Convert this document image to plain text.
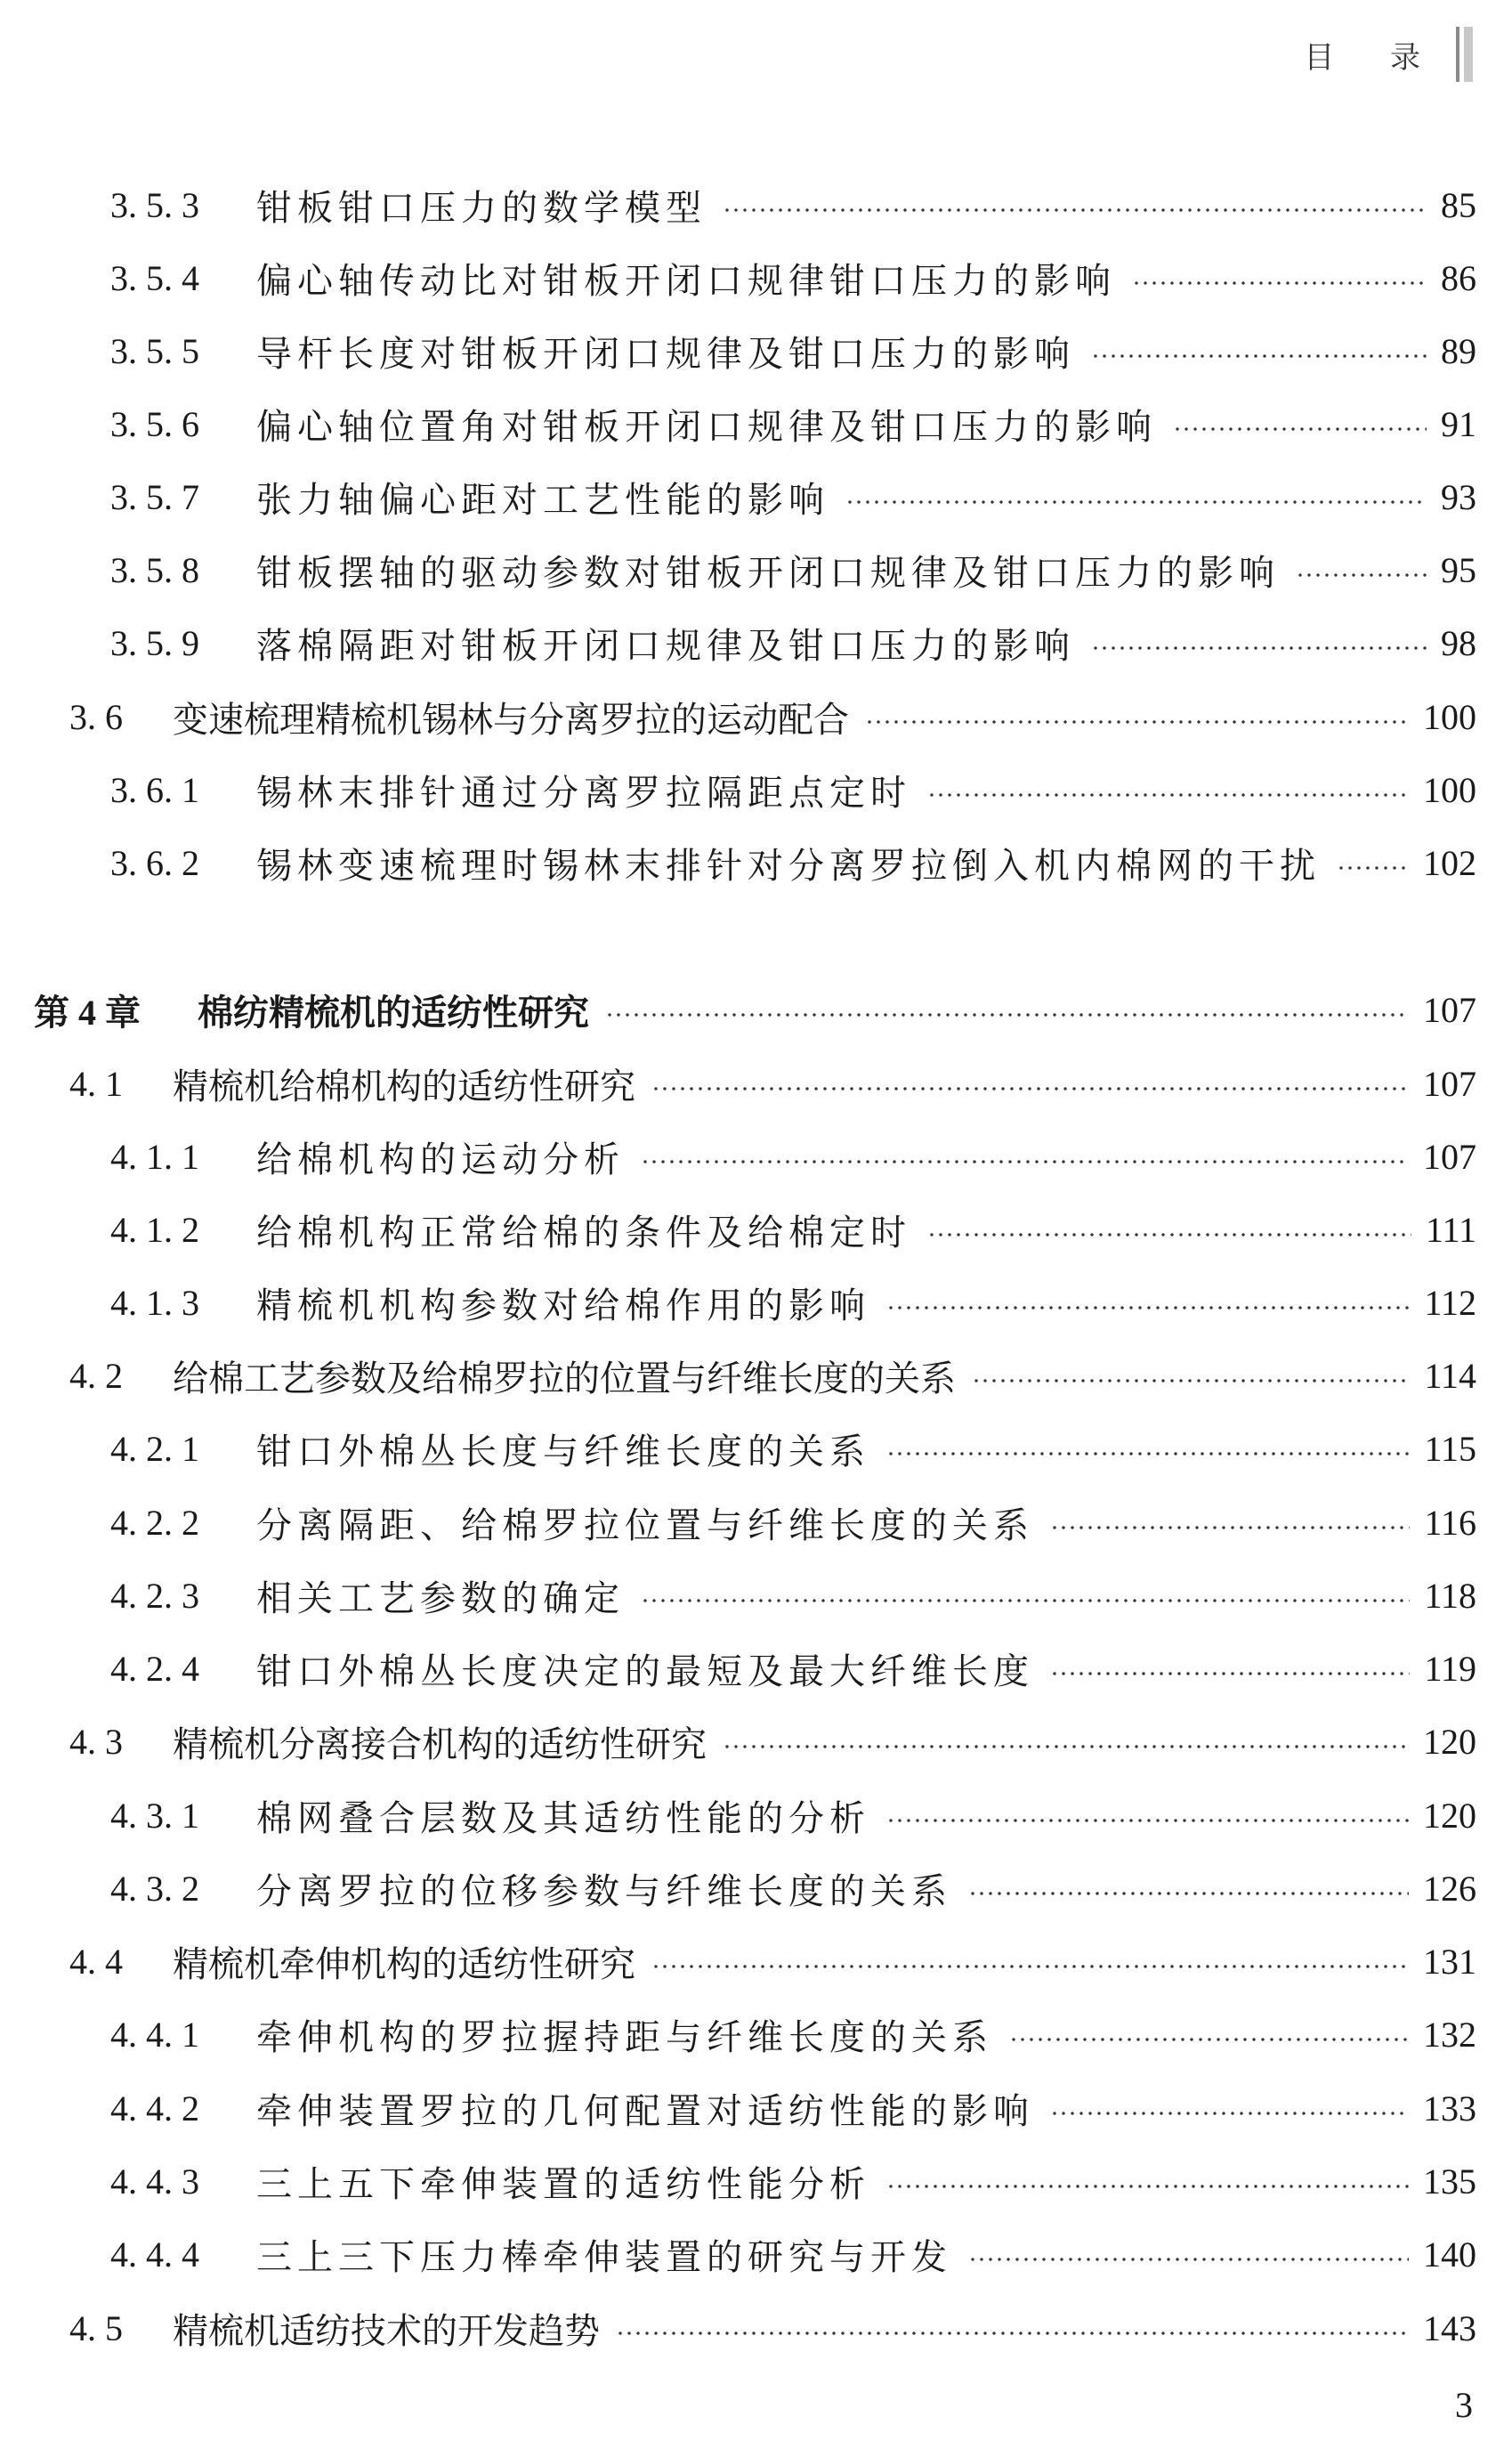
目 录
3. 5. 3 钳板钳口压力的数学模型	85
3. 5. 4 偏心轴传动比对钳板开闭口规律钳口压力的影响	86
3. 5. 5 导杆长度对钳板开闭口规律及钳口压力的影响	89
3. 5. 6 偏心轴位置角对钳板开闭口规律及钳口压力的影响	91
3. 5. 7 张力轴偏心距对工艺性能的影响	93
3. 5. 8 钳板摆轴的驱动参数对钳板开闭口规律及钳口压力的影响	95
3. 5. 9 落棉隔距对钳板开闭口规律及钳口压力的影响	98
3. 6 变速梳理精梳机锡林与分离罗拉的运动配合	100
3. 6. 1 锡林末排针通过分离罗拉隔距点定时	100
3. 6. 2 锡林变速梳理时锡林末排针对分离罗拉倒入机内棉网的干扰	102
第 4 章 棉纺精梳机的适纺性研究	107
4. 1 精梳机给棉机构的适纺性研究	107
4. 1. 1 给棉机构的运动分析	107
4. 1. 2 给棉机构正常给棉的条件及给棉定时	111
4. 1. 3 精梳机机构参数对给棉作用的影响	112
4. 2 给棉工艺参数及给棉罗拉的位置与纤维长度的关系	114
4. 2. 1 钳口外棉丛长度与纤维长度的关系	115
4. 2. 2 分离隔距、给棉罗拉位置与纤维长度的关系	116
4. 2. 3 相关工艺参数的确定	118
4. 2. 4 钳口外棉丛长度决定的最短及最大纤维长度	119
4. 3 精梳机分离接合机构的适纺性研究	120
4. 3. 1 棉网叠合层数及其适纺性能的分析	120
4. 3. 2 分离罗拉的位移参数与纤维长度的关系	126
4. 4 精梳机牵伸机构的适纺性研究	131
4. 4. 1 牵伸机构的罗拉握持距与纤维长度的关系	132
4. 4. 2 牵伸装置罗拉的几何配置对适纺性能的影响	133
4. 4. 3 三上五下牵伸装置的适纺性能分析	135
4. 4. 4 三上三下压力棒牵伸装置的研究与开发	140
4. 5 精梳机适纺技术的开发趋势	143
3
